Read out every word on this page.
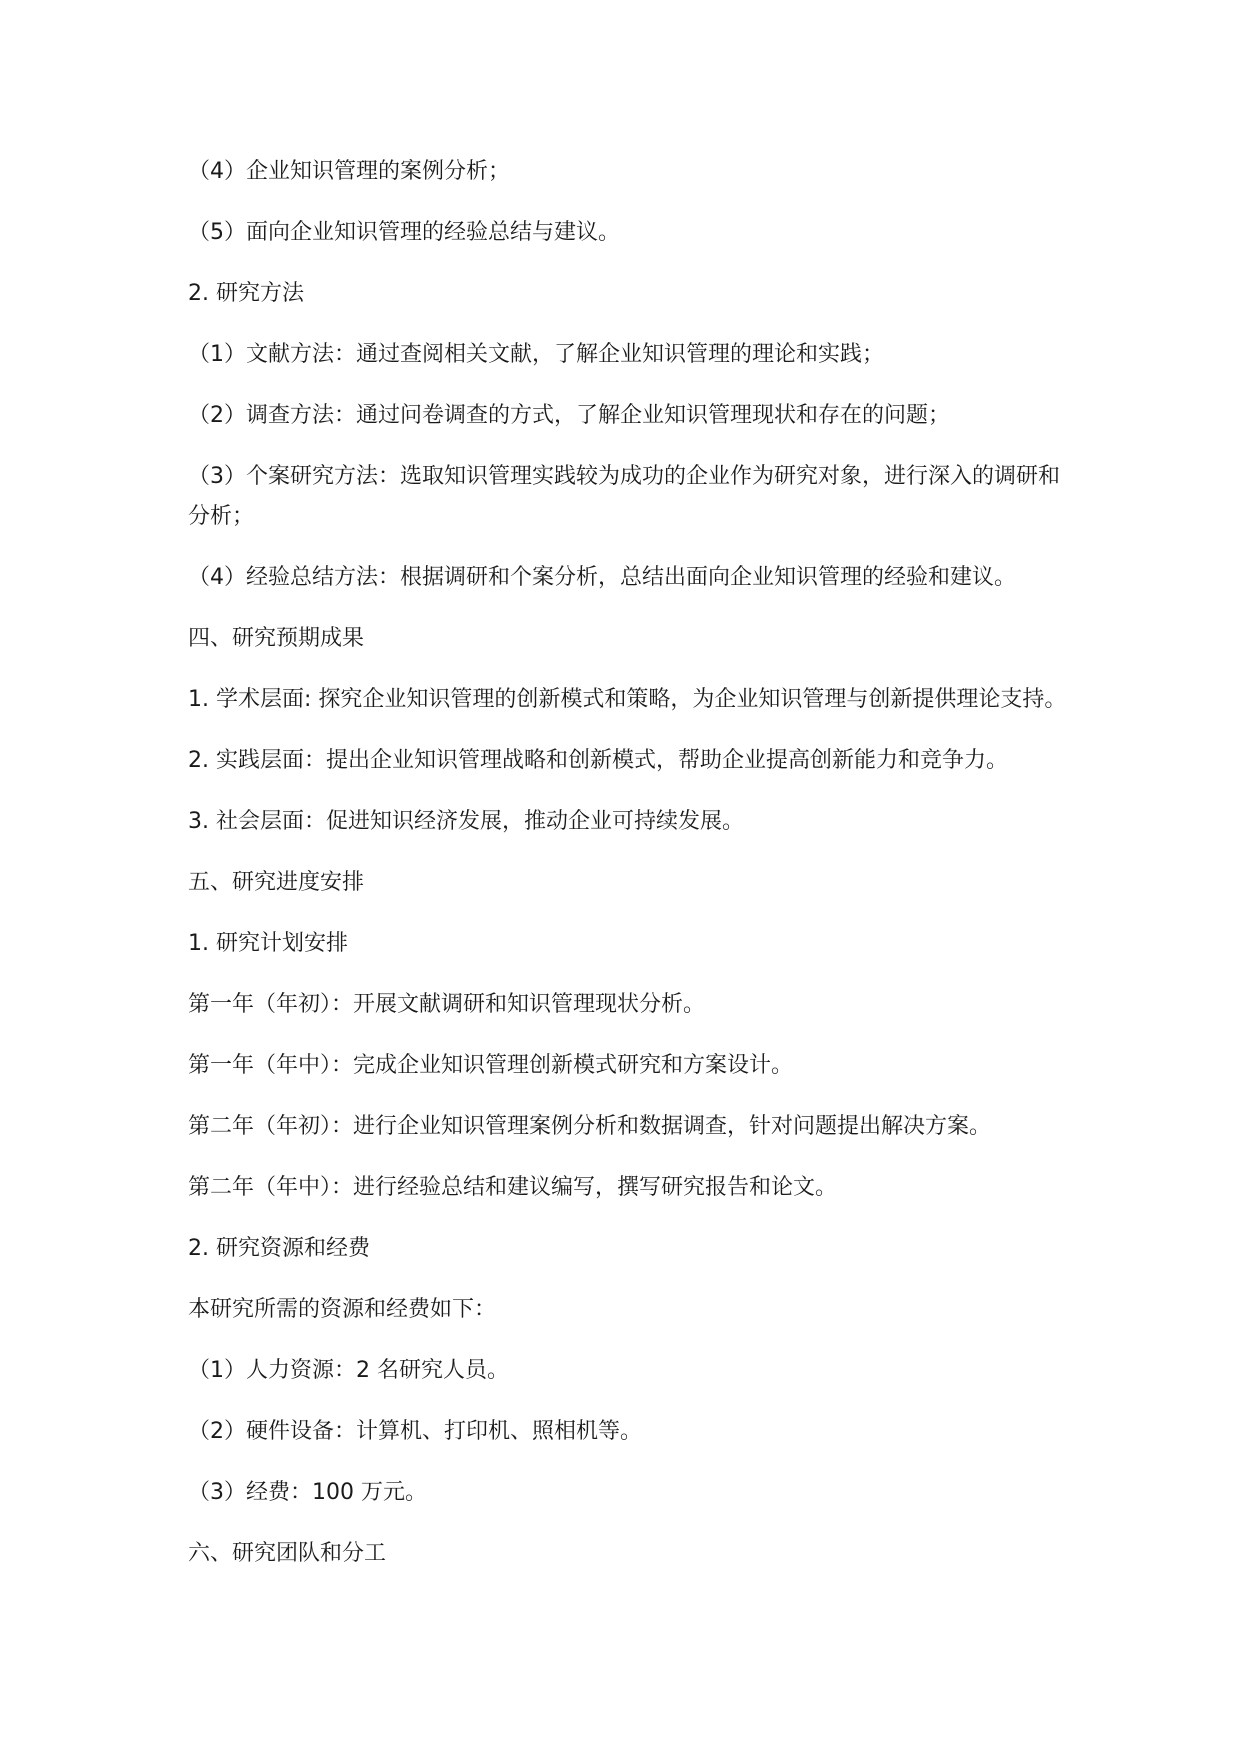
（4）企业知识管理的案例分析；

（5）面向企业知识管理的经验总结与建议。

2. 研究方法

（1）文献方法：通过查阅相关文献，了解企业知识管理的理论和实践；

（2）调查方法：通过问卷调查的方式，了解企业知识管理现状和存在的问题；

（3）个案研究方法：选取知识管理实践较为成功的企业作为研究对象，进行深入的调研和分析；

（4）经验总结方法：根据调研和个案分析，总结出面向企业知识管理的经验和建议。

四、研究预期成果

1. 学术层面: 探究企业知识管理的创新模式和策略，为企业知识管理与创新提供理论支持。

2. 实践层面：提出企业知识管理战略和创新模式，帮助企业提高创新能力和竞争力。

3. 社会层面：促进知识经济发展，推动企业可持续发展。

五、研究进度安排

1. 研究计划安排

第一年（年初）：开展文献调研和知识管理现状分析。

第一年（年中）：完成企业知识管理创新模式研究和方案设计。

第二年（年初）：进行企业知识管理案例分析和数据调查，针对问题提出解决方案。

第二年（年中）：进行经验总结和建议编写，撰写研究报告和论文。

2. 研究资源和经费

本研究所需的资源和经费如下：

（1）人力资源：2 名研究人员。

（2）硬件设备：计算机、打印机、照相机等。

（3）经费：100 万元。

六、研究团队和分工
